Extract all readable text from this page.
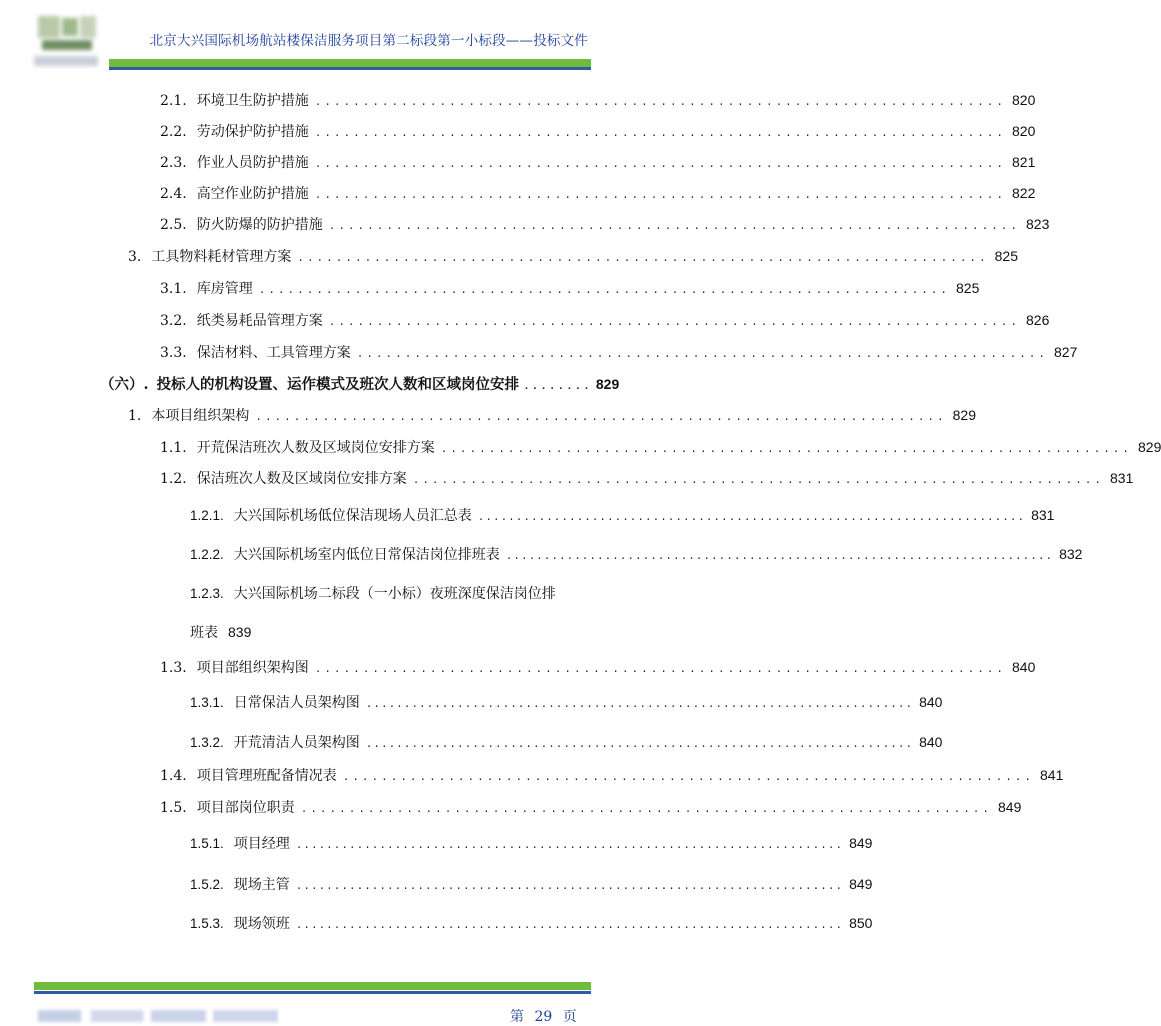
北京大兴国际机场航站楼保洁服务项目第二标段第一小标段——投标文件
2.1. 环境卫生防护措施 ........................................................................ 820
2.2. 劳动保护防护措施 ........................................................................ 820
2.3. 作业人员防护措施 ........................................................................ 821
2.4. 高空作业防护措施 ........................................................................ 822
2.5. 防火防爆的防护措施 ........................................................................ 823
3. 工具物料耗材管理方案 ........................................................................ 825
3.1. 库房管理 ........................................................................ 825
3.2. 纸类易耗品管理方案 ........................................................................ 826
3.3. 保洁材料、工具管理方案 ........................................................................ 827
（六）. 投标人的机构设置、运作模式及班次人数和区域岗位安排 ........ 829
1. 本项目组织架构 ........................................................................ 829
1.1. 开荒保洁班次人数及区域岗位安排方案 ........................................................................ 829
1.2. 保洁班次人数及区域岗位安排方案 ........................................................................ 831
1.2.1. 大兴国际机场低位保洁现场人员汇总表 ........................................................................ 831
1.2.2. 大兴国际机场室内低位日常保洁岗位排班表 ........................................................................ 832
1.2.3. 大兴国际机场二标段（一小标）夜班深度保洁岗位排
班表 839
1.3. 项目部组织架构图 ........................................................................ 840
1.3.1. 日常保洁人员架构图 ........................................................................ 840
1.3.2. 开荒清洁人员架构图 ........................................................................ 840
1.4. 项目管理班配备情况表 ........................................................................ 841
1.5. 项目部岗位职责 ........................................................................ 849
1.5.1. 项目经理 ........................................................................ 849
1.5.2. 现场主管 ........................................................................ 849
1.5.3. 现场领班 ........................................................................ 850
第 29 页
